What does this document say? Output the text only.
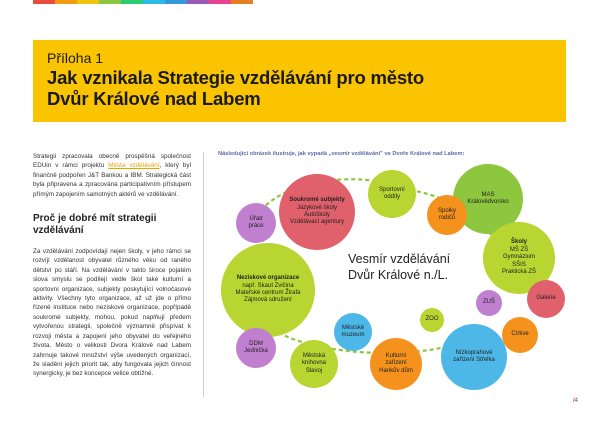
Příloha 1
Jak vznikala Strategie vzdělávání pro město
Dvůr Králové nad Labem

Strategii zpracovala obecně prospěšná společnost EDUin v rámci projektu Města vzdělávání, který byl finančně podpořen J&T Bankou a IBM. Strategická část byla připravena a zpracována participativním přístupem přímým zapojením samotných aktérů ve vzdělávání.

Proč je dobré mít strategii vzdělávání

Za vzdělávání zodpovídají nejen školy, v jeho rámci se rozvíjí vzdělanost obyvatel různého věku od raného dětství po stáří. Na vzdělávání v takto široce pojatém slova smyslu se podílejí vedle škol také kulturní a sportovní organizace, subjekty poskytující volnočasové aktivity. Všechny tyto organizace, až už jde o přímo řízené instituce nebo neziskové organizace, popřípadě soukromé subjekty, mohou, pokud naplňují předem vytvořenou strategii, společně významně přispívat k rozvoji města a zapojení jeho obyvatel do veřejného života. Město o velikosti Dvora Králové nad Labem zahrnuje takové množství výše uvedených organizací, že sladění jejich priorit tak, aby fungovala jejich činnost synergicky, je bez koncepce velice obtížné.

Následující obrázek ilustruje, jak vypadá „vesmír vzdělávání" ve Dvoře Králové nad Labem:
Soukromé subjekty
Jazykové školy
Autoškoly
Vzdělávací agentury
Sportovní
oddíly	MAS
Královédvorsko
Úřad
práce
Spolky
rodičů
Školy
MŠ ZŠ
Gymnázium
SŠIS
Praktická ZŠ
Neziskové organizace
např. Skaut Zvičina
Mateřské centrum Žirafa
Zájmová sdružení
Vesmír vzdělávání
Dvůr Králové n./L.
ZUŠ
Galerie
Městské
muzeum
ZOO
Církve
DDM
Jednička
Městská
knihovna
Slavoj
Kulturní
zařízení
Hankův dům
Nízkoprahové
zařízení Střelka
/4
